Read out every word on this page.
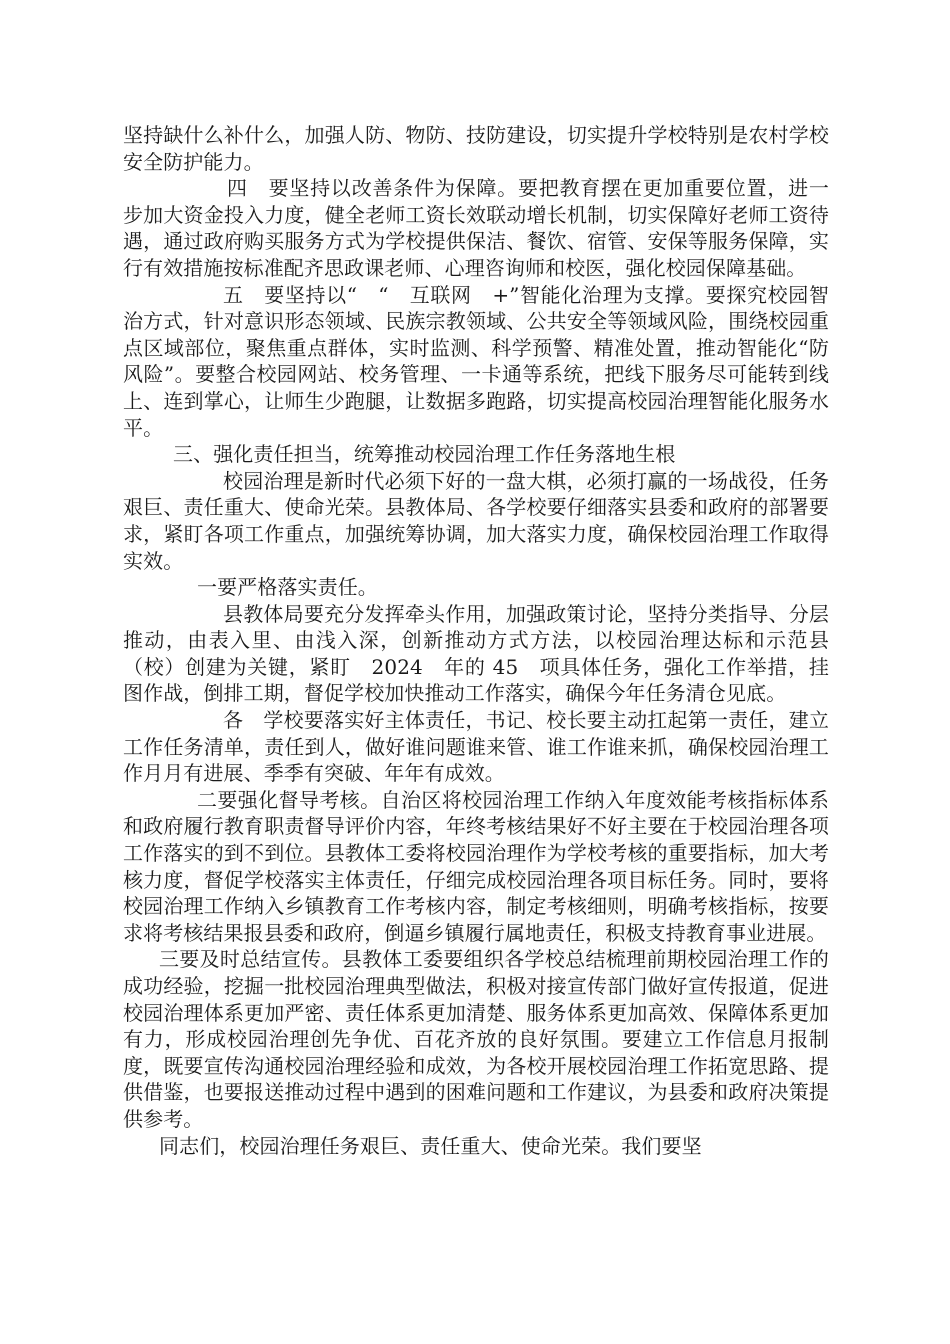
坚持缺什么补什么，加强人防、物防、技防建设，切实提升学校特别是农村学校安全防护能力。

四　要坚持以改善条件为保障。要把教育摆在更加重要位置，进一步加大资金投入力度，健全老师工资长效联动增长机制，切实保障好老师工资待遇，通过政府购买服务方式为学校提供保洁、餐饮、宿管、安保等服务保障，实行有效措施按标准配齐思政课老师、心理咨询师和校医，强化校园保障基础。

五　要坚持以“　“　互联网　+”智能化治理为支撑。要探究校园智治方式，针对意识形态领域、民族宗教领域、公共安全等领域风险，围绕校园重点区域部位，聚焦重点群体，实时监测、科学预警、精准处置，推动智能化“防风险”。要整合校园网站、校务管理、一卡通等系统，把线下服务尽可能转到线上、连到掌心，让师生少跑腿，让数据多跑路，切实提高校园治理智能化服务水平。

三、强化责任担当，统筹推动校园治理工作任务落地生根

校园治理是新时代必须下好的一盘大棋，必须打赢的一场战役，任务艰巨、责任重大、使命光荣。县教体局、各学校要仔细落实县委和政府的部署要求，紧盯各项工作重点，加强统筹协调，加大落实力度，确保校园治理工作取得实效。

一要严格落实责任。

县教体局要充分发挥牵头作用，加强政策讨论，坚持分类指导、分层推动，由表入里、由浅入深，创新推动方式方法，以校园治理达标和示范县（校）创建为关键，紧盯　2024　年的 45　项具体任务，强化工作举措，挂图作战，倒排工期，督促学校加快推动工作落实，确保今年任务清仓见底。

各　学校要落实好主体责任，书记、校长要主动扛起第一责任，建立工作任务清单，责任到人，做好谁问题谁来管、谁工作谁来抓，确保校园治理工作月月有进展、季季有突破、年年有成效。

二要强化督导考核。自治区将校园治理工作纳入年度效能考核指标体系和政府履行教育职责督导评价内容，年终考核结果好不好主要在于校园治理各项工作落实的到不到位。县教体工委将校园治理作为学校考核的重要指标，加大考核力度，督促学校落实主体责任，仔细完成校园治理各项目标任务。同时，要将校园治理工作纳入乡镇教育工作考核内容，制定考核细则，明确考核指标，按要求将考核结果报县委和政府，倒逼乡镇履行属地责任，积极支持教育事业进展。

三要及时总结宣传。县教体工委要组织各学校总结梳理前期校园治理工作的成功经验，挖掘一批校园治理典型做法，积极对接宣传部门做好宣传报道，促进校园治理体系更加严密、责任体系更加清楚、服务体系更加高效、保障体系更加有力，形成校园治理创先争优、百花齐放的良好氛围。要建立工作信息月报制度，既要宣传沟通校园治理经验和成效，为各校开展校园治理工作拓宽思路、提供借鉴，也要报送推动过程中遇到的困难问题和工作建议，为县委和政府决策提供参考。

同志们，校园治理任务艰巨、责任重大、使命光荣。我们要坚
